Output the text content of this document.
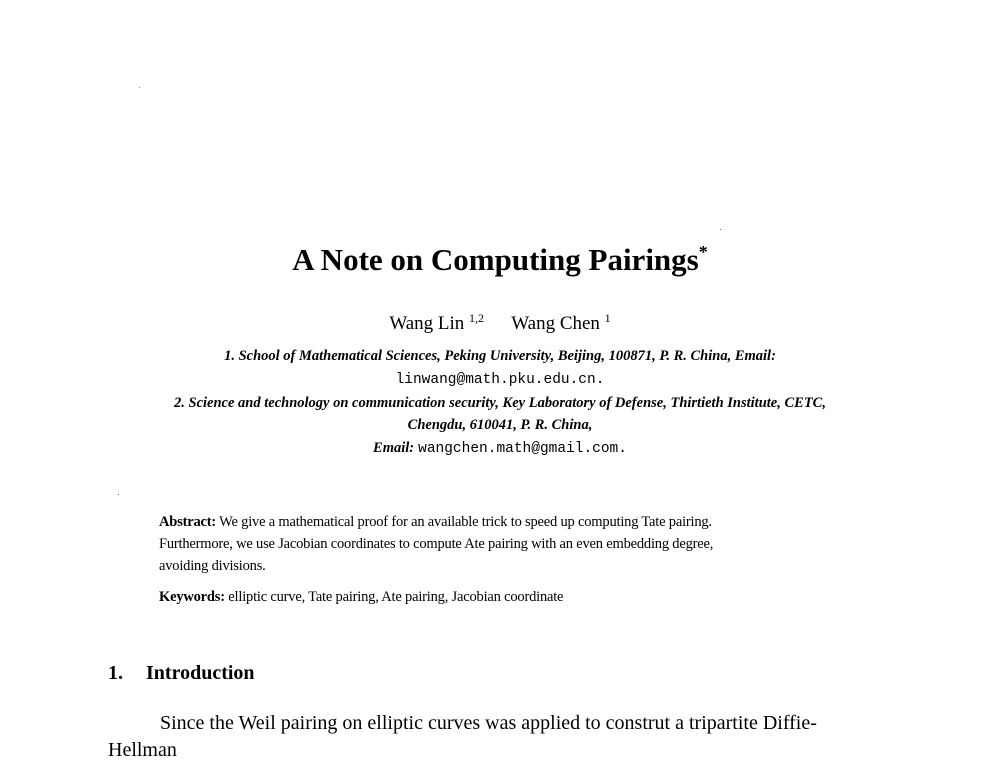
A Note on Computing Pairings*
Wang Lin $^{1,2}$ Wang Chen $^1$
1. School of Mathematical Sciences, Peking University, Beijing, 100871, P. R. China, Email:
linwang@math.pku.edu.cn.
2. Science and technology on communication security, Key Laboratory of Defense, Thirtieth Institute, CETC,
Chengdu, 610041, P. R. China,
Email: wangchen.math@gmail.com.
Abstract: We give a mathematical proof for an available trick to speed up computing Tate pairing.
Furthermore, we use Jacobian coordinates to compute Ate pairing with an even embedding degree,
avoiding divisions.
Keywords: elliptic curve, Tate pairing, Ate pairing, Jacobian coordinate
1. Introduction
Since the Weil pairing on elliptic curves was applied to construt a tripartite Diffie-
Hellman
